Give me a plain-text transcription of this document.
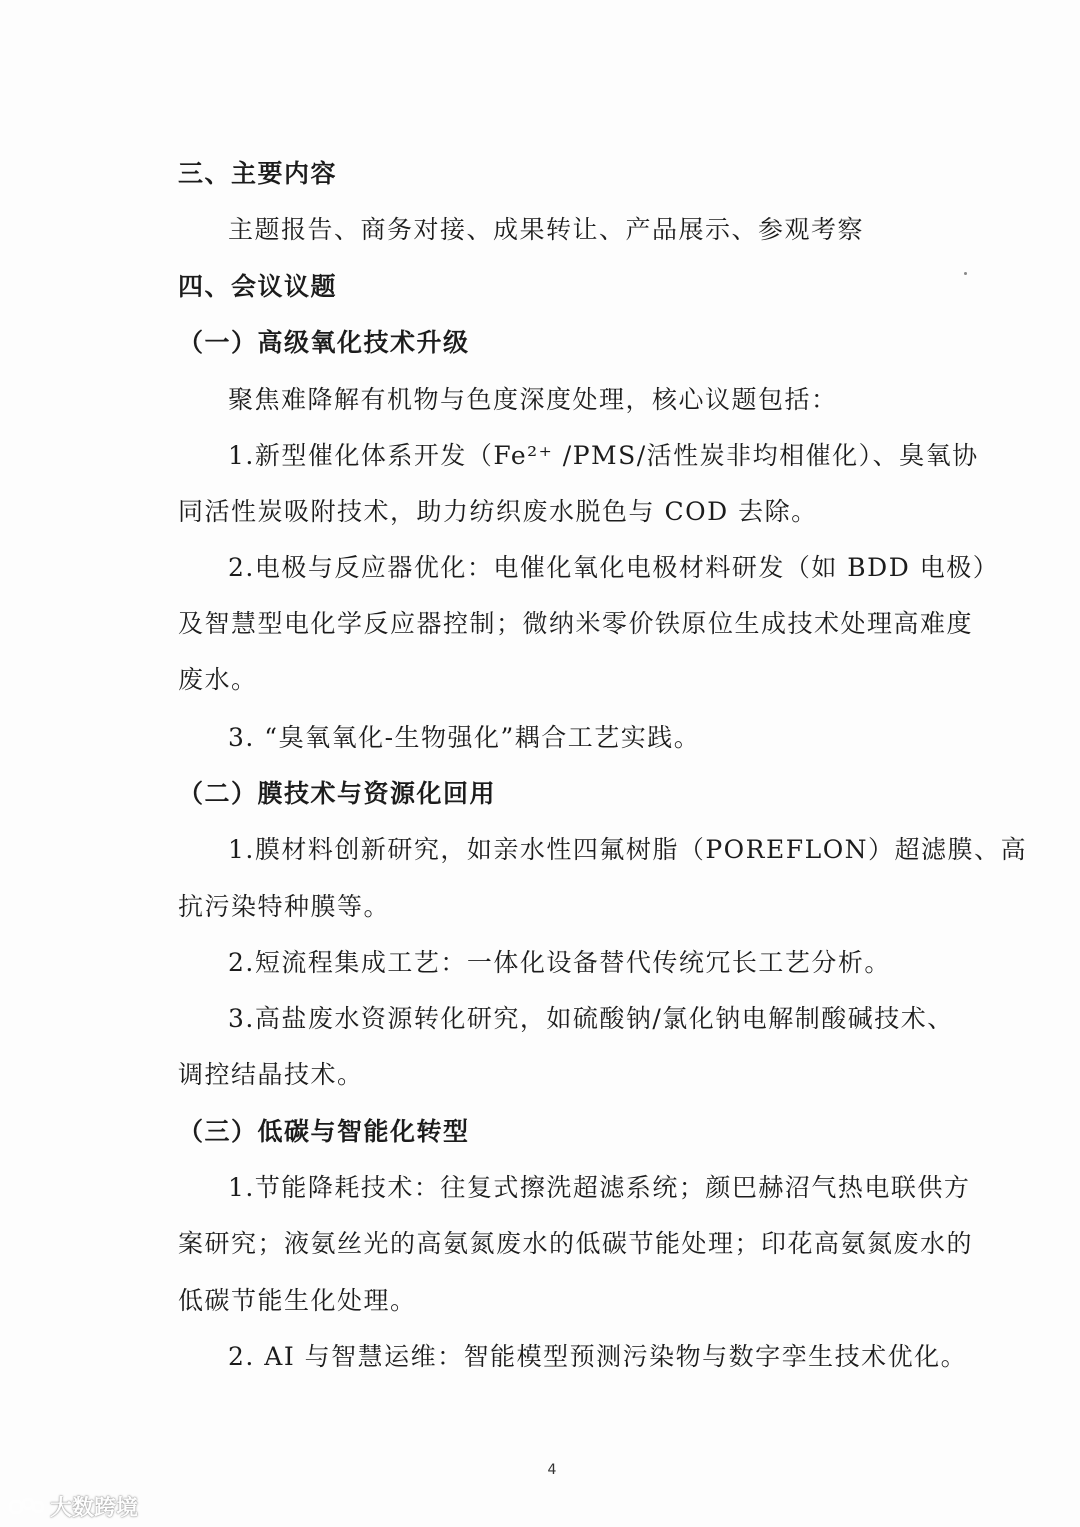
三、主要内容
主题报告、商务对接、成果转让、产品展示、参观考察
四、会议议题
（一）高级氧化技术升级
聚焦难降解有机物与色度深度处理，核心议题包括：
1.新型催化体系开发（Fe²⁺ /PMS/活性炭非均相催化）、臭氧协
同活性炭吸附技术，助力纺织废水脱色与 COD 去除。
2.电极与反应器优化：电催化氧化电极材料研发（如 BDD 电极）
及智慧型电化学反应器控制；微纳米零价铁原位生成技术处理高难度
废水。
3. “臭氧氧化-生物强化”耦合工艺实践。
（二）膜技术与资源化回用
1.膜材料创新研究，如亲水性四氟树脂（POREFLON）超滤膜、高
抗污染特种膜等。
2.短流程集成工艺：一体化设备替代传统冗长工艺分析。
3.高盐废水资源转化研究，如硫酸钠/氯化钠电解制酸碱技术、
调控结晶技术。
（三）低碳与智能化转型
1.节能降耗技术：往复式擦洗超滤系统；颜巴赫沼气热电联供方
案研究；液氨丝光的高氨氮废水的低碳节能处理；印花高氨氮废水的
低碳节能生化处理。
2. AI 与智慧运维：智能模型预测污染物与数字孪生技术优化。
4
大数跨境
